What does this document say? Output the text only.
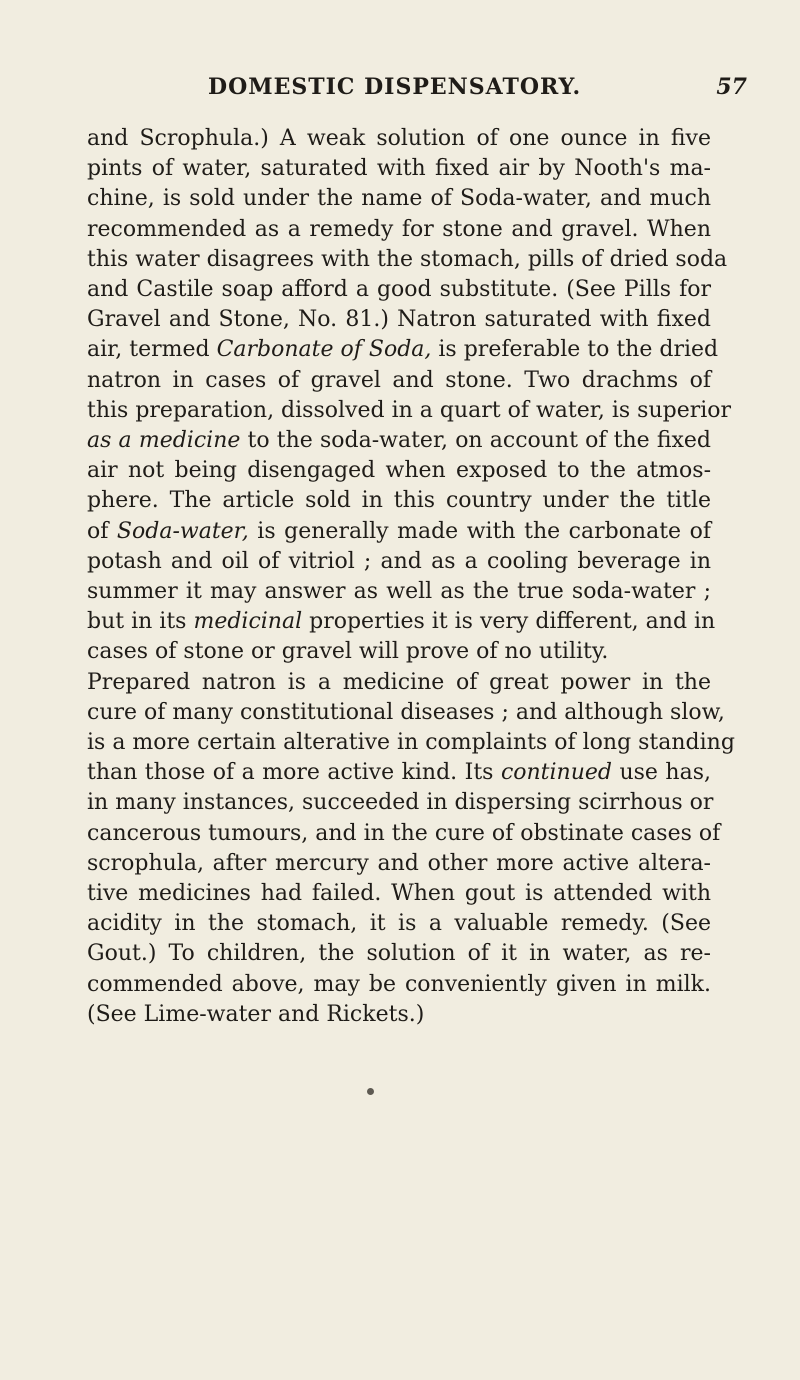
DOMESTIC DISPENSATORY.	57
and Scrophula.) A weak solution of one ounce in five
pints of water, saturated with fixed air by Nooth's ma-
chine, is sold under the name of Soda-water, and much
recommended as a remedy for stone and gravel. When
this water disagrees with the stomach, pills of dried soda
and Castile soap afford a good substitute. (See Pills for
Gravel and Stone, No. 81.) Natron saturated with fixed
air, termed Carbonate of Soda, is preferable to the dried
natron in cases of gravel and stone. Two drachms of
this preparation, dissolved in a quart of water, is superior
as a medicine to the soda-water, on account of the fixed
air not being disengaged when exposed to the atmos-
phere. The article sold in this country under the title
of Soda-water, is generally made with the carbonate of
potash and oil of vitriol ; and as a cooling beverage in
summer it may answer as well as the true soda-water ;
but in its medicinal properties it is very different, and in
cases of stone or gravel will prove of no utility.
Prepared natron is a medicine of great power in the
cure of many constitutional diseases ; and although slow,
is a more certain alterative in complaints of long standing
than those of a more active kind. Its continued use has,
in many instances, succeeded in dispersing scirrhous or
cancerous tumours, and in the cure of obstinate cases of
scrophula, after mercury and other more active altera-
tive medicines had failed. When gout is attended with
acidity in the stomach, it is a valuable remedy. (See
Gout.) To children, the solution of it in water, as re-
commended above, may be conveniently given in milk.
(See Lime-water and Rickets.)
